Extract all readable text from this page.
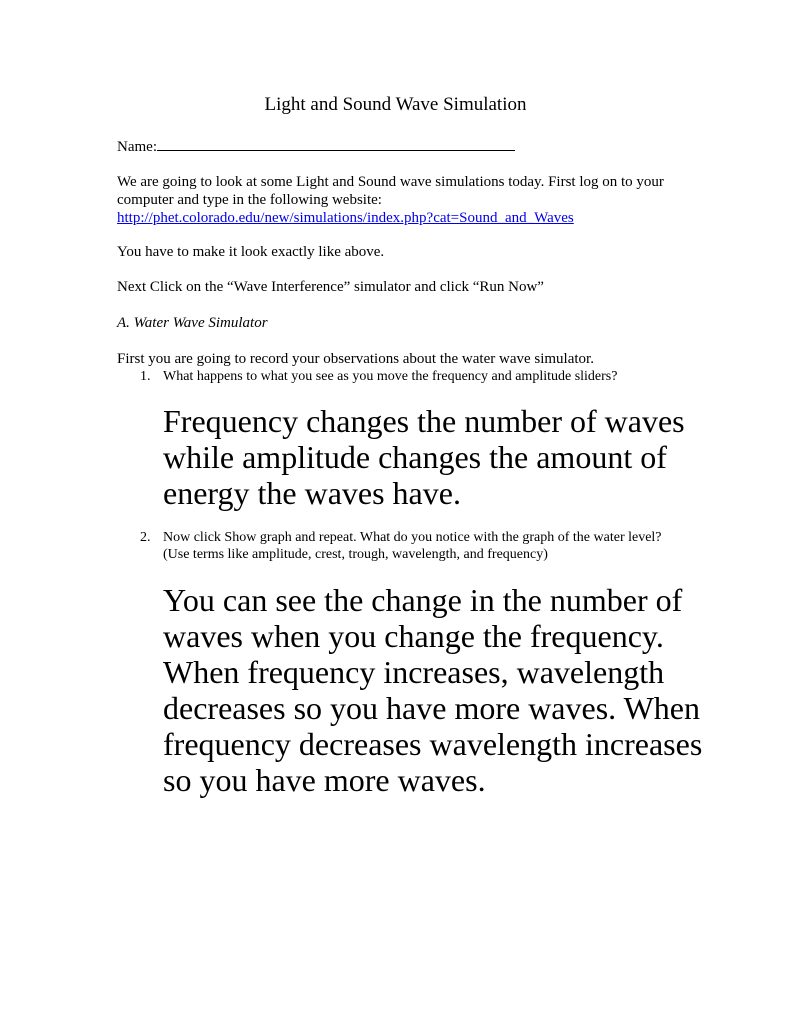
Light and Sound Wave Simulation
Name:
We are going to look at some Light and Sound wave simulations today. First log on to your computer and type in the following website:
http://phet.colorado.edu/new/simulations/index.php?cat=Sound_and_Waves
You have to make it look exactly like above.
Next Click on the “Wave Interference” simulator and click “Run Now”
A. Water Wave Simulator
First you are going to record your observations about the water wave simulator.
1. What happens to what you see as you move the frequency and amplitude sliders?
Frequency changes the number of waves while amplitude changes the amount of energy the waves have.
2. Now click Show graph and repeat. What do you notice with the graph of the water level? (Use terms like amplitude, crest, trough, wavelength, and frequency)
You can see the change in the number of waves when you change the frequency. When frequency increases, wavelength decreases so you have more waves. When frequency decreases wavelength increases so you have more waves.
